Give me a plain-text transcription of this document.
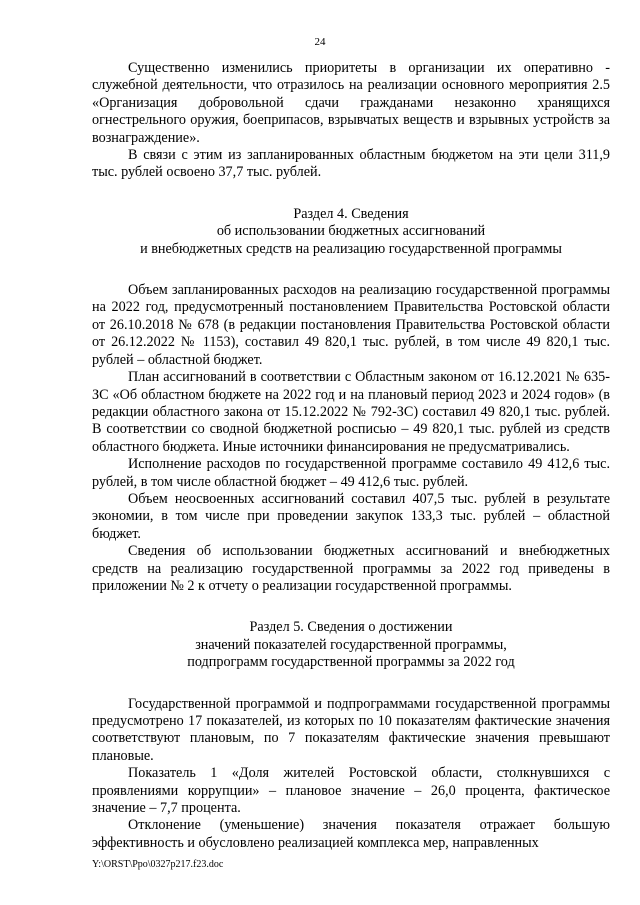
24

Существенно изменились приоритеты в организации их оперативно - служебной деятельности, что отразилось на реализации основного мероприятия 2.5 «Организация добровольной сдачи гражданами незаконно хранящихся огнестрельного оружия, боеприпасов, взрывчатых веществ и взрывных устройств за вознаграждение».

В связи с этим из запланированных областным бюджетом на эти цели 311,9 тыс. рублей освоено 37,7 тыс. рублей.

Раздел 4. Сведения
об использовании бюджетных ассигнований
и внебюджетных средств на реализацию государственной программы

Объем запланированных расходов на реализацию государственной программы на 2022 год, предусмотренный постановлением Правительства Ростовской области от 26.10.2018 № 678 (в редакции постановления Правительства Ростовской области от 26.12.2022 № 1153), составил 49 820,1 тыс. рублей, в том числе 49 820,1 тыс. рублей – областной бюджет.

План ассигнований в соответствии с Областным законом от 16.12.2021 № 635-ЗС «Об областном бюджете на 2022 год и на плановый период 2023 и 2024 годов» (в редакции областного закона от 15.12.2022 № 792-ЗС) составил 49 820,1 тыс. рублей. В соответствии со сводной бюджетной росписью – 49 820,1 тыс. рублей из средств областного бюджета. Иные источники финансирования не предусматривались.

Исполнение расходов по государственной программе составило 49 412,6 тыс. рублей, в том числе областной бюджет – 49 412,6 тыс. рублей.

Объем неосвоенных ассигнований составил 407,5 тыс. рублей в результате экономии, в том числе при проведении закупок 133,3 тыс. рублей – областной бюджет.

Сведения об использовании бюджетных ассигнований и внебюджетных средств на реализацию государственной программы за 2022 год приведены в приложении № 2 к отчету о реализации государственной программы.

Раздел 5. Сведения о достижении
значений показателей государственной программы,
подпрограмм государственной программы за 2022 год

Государственной программой и подпрограммами государственной программы предусмотрено 17 показателей, из которых по 10 показателям фактические значения соответствуют плановым, по 7 показателям фактические значения превышают плановые.

Показатель 1 «Доля жителей Ростовской области, столкнувшихся с проявлениями коррупции» – плановое значение – 26,0 процента, фактическое значение – 7,7 процента.

Отклонение (уменьшение) значения показателя отражает большую эффективность и обусловлено реализацией комплекса мер, направленных

Y:\ORST\Ppo\0327p217.f23.doc
